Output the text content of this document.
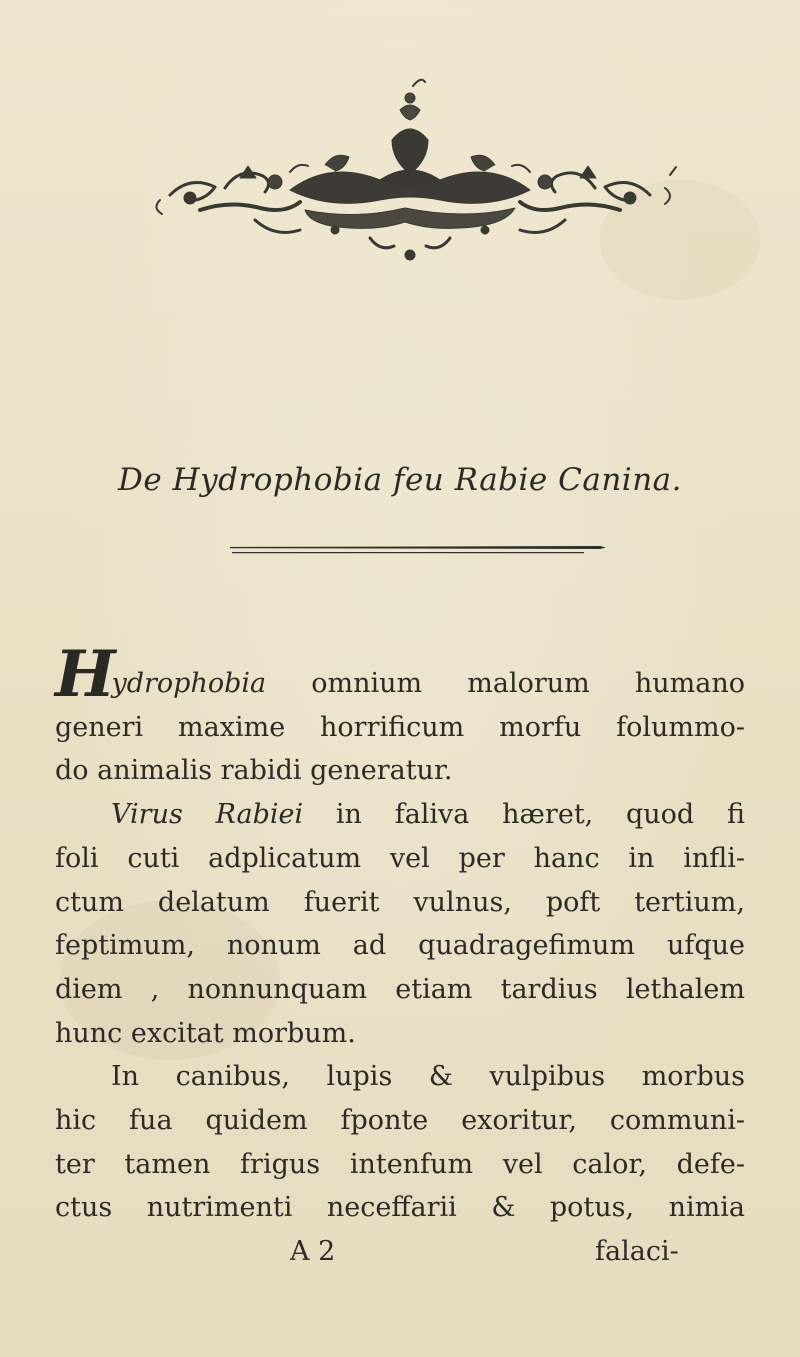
De Hydrophobia feu Rabie Canina.
Hydrophobia omnium malorum humano
generi maxime horrificum morfu folummo-
do animalis rabidi generatur.
Virus Rabiei in faliva hæret, quod fi
foli cuti adplicatum vel per hanc in infli-
ctum delatum fuerit vulnus, poft tertium,
feptimum, nonum ad quadragefimum ufque
diem , nonnunquam etiam tardius lethalem
hunc excitat morbum.
In canibus, lupis & vulpibus morbus
hic fua quidem fponte exoritur, communi-
ter tamen frigus intenfum vel calor, defe-
ctus nutrimenti neceffarii & potus, nimia
A 2	falaci-
